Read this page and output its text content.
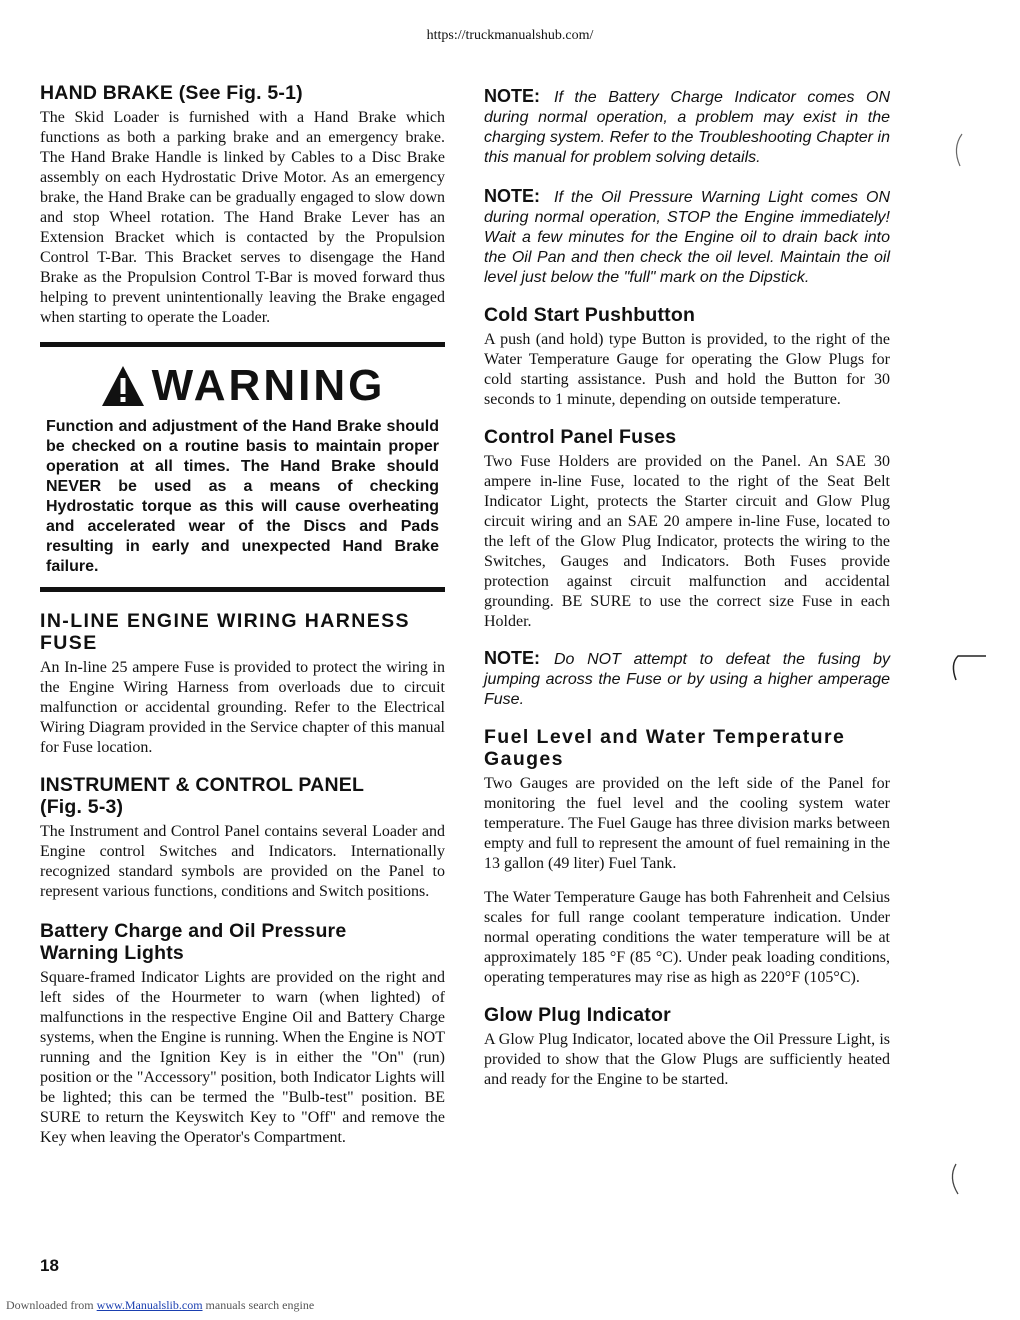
https://truckmanualshub.com/
HAND BRAKE (See Fig. 5-1)

The Skid Loader is furnished with a Hand Brake which functions as both a parking brake and an emergency brake. The Hand Brake Handle is linked by Cables to a Disc Brake assembly on each Hydrostatic Drive Motor. As an emergency brake, the Hand Brake can be gradually engaged to slow down and stop Wheel rotation. The Hand Brake Lever has an Extension Bracket which is contacted by the Propulsion Control T-Bar. This Bracket serves to disengage the Hand Brake as the Propulsion Control T-Bar is moved forward thus helping to prevent unintentionally leaving the Brake engaged when starting to operate the Loader.

WARNING
Function and adjustment of the Hand Brake should be checked on a routine basis to maintain proper operation at all times. The Hand Brake should NEVER be used as a means of checking Hydrostatic torque as this will cause overheating and accelerated wear of the Discs and Pads resulting in early and unexpected Hand Brake failure.
IN-LINE ENGINE WIRING HARNESS FUSE

An In-line 25 ampere Fuse is provided to protect the wiring in the Engine Wiring Harness from overloads due to circuit malfunction or accidental grounding. Refer to the Electrical Wiring Diagram provided in the Service chapter of this manual for Fuse location.

INSTRUMENT & CONTROL PANEL (Fig. 5-3)

The Instrument and Control Panel contains several Loader and Engine control Switches and Indicators. Internationally recognized standard symbols are provided on the Panel to represent various functions, conditions and Switch positions.

Battery Charge and Oil Pressure Warning Lights

Square-framed Indicator Lights are provided on the right and left sides of the Hourmeter to warn (when lighted) of malfunctions in the respective Engine Oil and Battery Charge systems, when the Engine is running. When the Engine is NOT running and the Ignition Key is in either the "On" (run) position or the "Accessory" position, both Indicator Lights will be lighted; this can be termed the "Bulb-test" position. BE SURE to return the Keyswitch Key to "Off" and remove the Key when leaving the Operator's Compartment.

NOTE: If the Battery Charge Indicator comes ON during normal operation, a problem may exist in the charging system. Refer to the Troubleshooting Chapter in this manual for problem solving details.

NOTE: If the Oil Pressure Warning Light comes ON during normal operation, STOP the Engine immediately! Wait a few minutes for the Engine oil to drain back into the Oil Pan and then check the oil level. Maintain the oil level just below the "full" mark on the Dipstick.

Cold Start Pushbutton

A push (and hold) type Button is provided, to the right of the Water Temperature Gauge for operating the Glow Plugs for cold starting assistance. Push and hold the Button for 30 seconds to 1 minute, depending on outside temperature.

Control Panel Fuses

Two Fuse Holders are provided on the Panel. An SAE 30 ampere in-line Fuse, located to the right of the Seat Belt Indicator Light, protects the Starter circuit and Glow Plug circuit wiring and an SAE 20 ampere in-line Fuse, located to the left of the Glow Plug Indicator, protects the wiring to the Switches, Gauges and Indicators. Both Fuses provide protection against circuit malfunction and accidental grounding. BE SURE to use the correct size Fuse in each Holder.

NOTE: Do NOT attempt to defeat the fusing by jumping across the Fuse or by using a higher amperage Fuse.

Fuel Level and Water Temperature Gauges

Two Gauges are provided on the left side of the Panel for monitoring the fuel level and the cooling system water temperature. The Fuel Gauge has three division marks between empty and full to represent the amount of fuel remaining in the 13 gallon (49 liter) Fuel Tank.

The Water Temperature Gauge has both Fahrenheit and Celsius scales for full range coolant temperature indication. Under normal operating conditions the water temperature will be at approximately 185 °F (85 °C). Under peak loading conditions, operating temperatures may rise as high as 220°F (105°C).

Glow Plug Indicator

A Glow Plug Indicator, located above the Oil Pressure Light, is provided to show that the Glow Plugs are sufficiently heated and ready for the Engine to be started.

18
Downloaded from www.Manualslib.com manuals search engine
